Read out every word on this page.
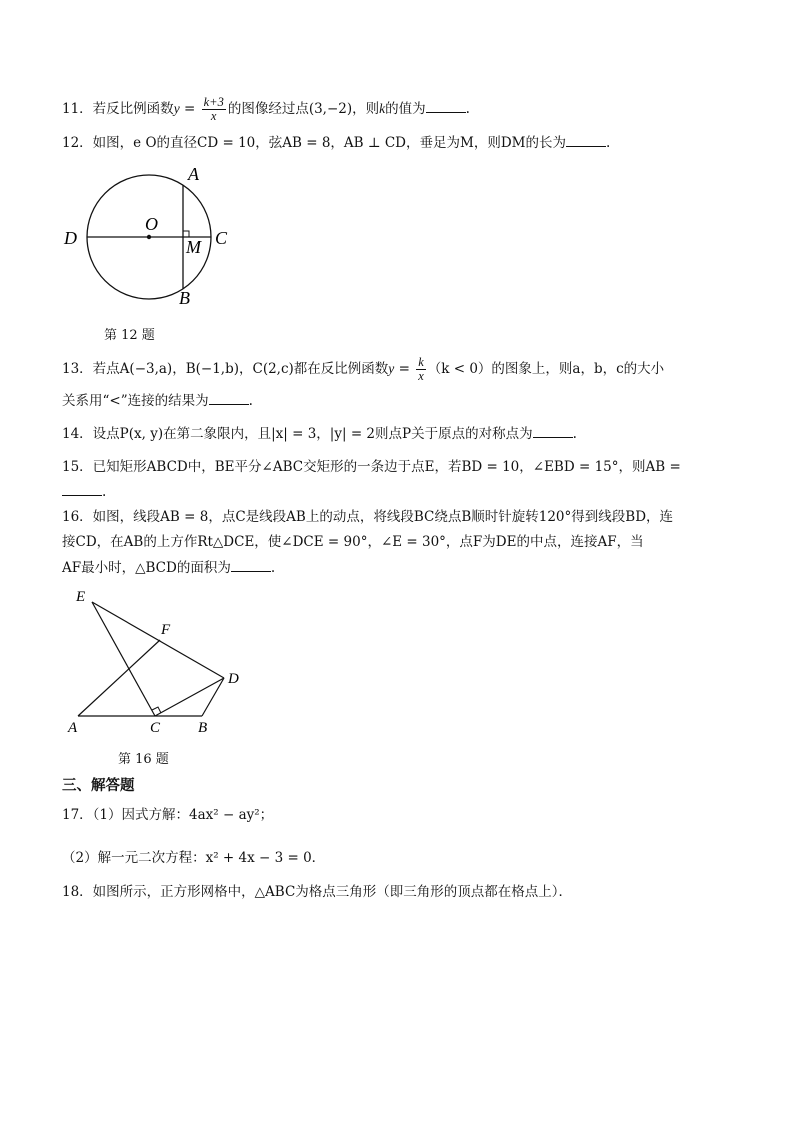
11．若反比例函数$y = \frac{k+3}{x}$ 的图像经过点(3,−2)，则k的值为	.
12．如图，e O的直径CD = 10，弦AB = 8，AB ⊥ CD，垂足为M，则DM的长为	.
A
B
C
D
O
M
第 12 题
13．若点A(−3,a)，B(−1,b)，C(2,c)都在反比例函数$y = \frac{k}{x} (k < 0)$的图象上，则a，b，c的大小
关系用“<”连接的结果为	.
14．设点P(x, y)在第二象限内，且|x| = 3，|y| = 2则点P关于原点的对称点为	.
15．已知矩形ABCD中，BE平分∠ABC交矩形的一条边于点E，若BD = 10，∠EBD = 15°，则AB =
.
16．如图，线段AB = 8，点C是线段AB上的动点，将线段BC绕点B顺时针旋转120°得到线段BD，连
接CD，在AB的上方作Rt△DCE，使∠DCE = 90°，∠E = 30°，点F为DE的中点，连接AF，当
AF最小时，△BCD的面积为	.
E
F
D
A	C	B
第 16 题
三、解答题
17．（1）因式方解：4ax² − ay²；
（2）解一元二次方程：x² + 4x − 3 = 0．
18．如图所示，正方形网格中，△ABC为格点三角形（即三角形的顶点都在格点上）．
